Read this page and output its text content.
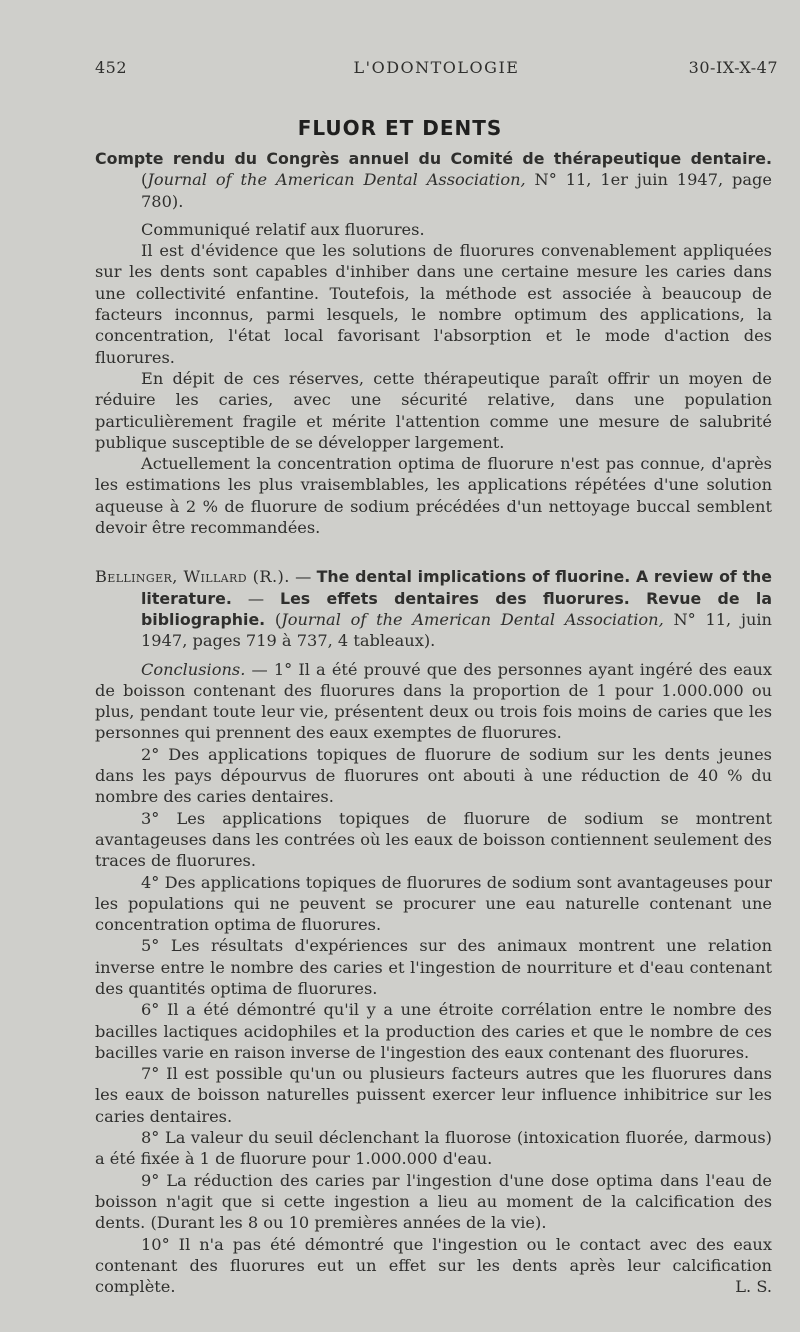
452	L'ODONTOLOGIE	30-IX-X-47
FLUOR ET DENTS

Compte rendu du Congrès annuel du Comité de thérapeutique dentaire. (Journal of the American Dental Association, N° 11, 1er juin 1947, page 780).

Communiqué relatif aux fluorures.

Il est d'évidence que les solutions de fluorures convenablement appliquées sur les dents sont capables d'inhiber dans une certaine mesure les caries dans une collectivité enfantine. Toutefois, la méthode est associée à beaucoup de facteurs inconnus, parmi lesquels, le nombre optimum des applications, la concentration, l'état local favorisant l'absorption et le mode d'action des fluorures.

En dépit de ces réserves, cette thérapeutique paraît offrir un moyen de réduire les caries, avec une sécurité relative, dans une population particulièrement fragile et mérite l'attention comme une mesure de salubrité publique susceptible de se développer largement.

Actuellement la concentration optima de fluorure n'est pas connue, d'après les estimations les plus vraisemblables, les applications répétées d'une solution aqueuse à 2 % de fluorure de sodium précédées d'un nettoyage buccal semblent devoir être recommandées.

Bellinger, Willard (R.). — The dental implications of fluorine. A review of the literature. — Les effets dentaires des fluorures. Revue de la bibliographie. (Journal of the American Dental Association, N° 11, juin 1947, pages 719 à 737, 4 tableaux).

Conclusions. — 1° Il a été prouvé que des personnes ayant ingéré des eaux de boisson contenant des fluorures dans la proportion de 1 pour 1.000.000 ou plus, pendant toute leur vie, présentent deux ou trois fois moins de caries que les personnes qui prennent des eaux exemptes de fluorures.

2° Des applications topiques de fluorure de sodium sur les dents jeunes dans les pays dépourvus de fluorures ont abouti à une réduction de 40 % du nombre des caries dentaires.

3° Les applications topiques de fluorure de sodium se montrent avantageuses dans les contrées où les eaux de boisson contiennent seulement des traces de fluorures.

4° Des applications topiques de fluorures de sodium sont avantageuses pour les populations qui ne peuvent se procurer une eau naturelle contenant une concentration optima de fluorures.

5° Les résultats d'expériences sur des animaux montrent une relation inverse entre le nombre des caries et l'ingestion de nourriture et d'eau contenant des quantités optima de fluorures.

6° Il a été démontré qu'il y a une étroite corrélation entre le nombre des bacilles lactiques acidophiles et la production des caries et que le nombre de ces bacilles varie en raison inverse de l'ingestion des eaux contenant des fluorures.

7° Il est possible qu'un ou plusieurs facteurs autres que les fluorures dans les eaux de boisson naturelles puissent exercer leur influence inhibitrice sur les caries dentaires.

8° La valeur du seuil déclenchant la fluorose (intoxication fluorée, darmous) a été fixée à 1 de fluorure pour 1.000.000 d'eau.

9° La réduction des caries par l'ingestion d'une dose optima dans l'eau de boisson n'agit que si cette ingestion a lieu au moment de la calcification des dents. (Durant les 8 ou 10 premières années de la vie).

10° Il n'a pas été démontré que l'ingestion ou le contact avec des eaux contenant des fluorures eut un effet sur les dents après leur calcification complète.	L. S.
